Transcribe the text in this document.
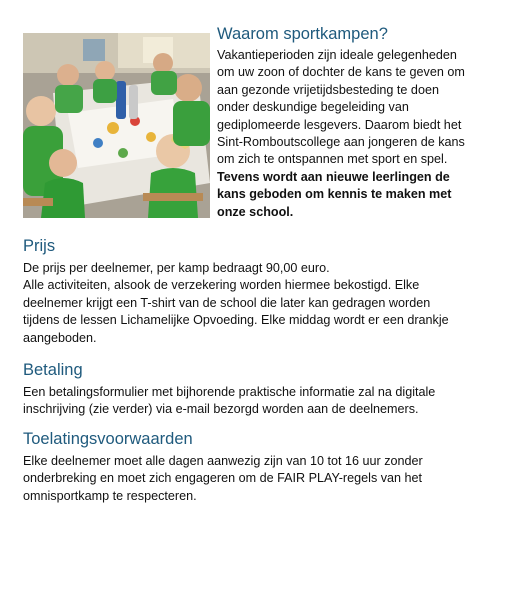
Waarom sportkampen?

Vakantieperioden zijn ideale gelegenheden
om uw zoon of dochter de kans te geven om
aan gezonde vrijetijdsbesteding te doen
onder deskundige begeleiding van
gediplomeerde lesgevers. Daarom biedt het
Sint-Romboutscollege aan jongeren de kans
om zich te ontspannen met sport en spel.
Tevens wordt aan nieuwe leerlingen de
kans geboden om kennis te maken met
onze school.

Prijs

De prijs per deelnemer, per kamp bedraagt 90,00 euro.
Alle activiteiten, alsook de verzekering worden hiermee bekostigd. Elke
deelnemer krijgt een T-shirt van de school die later kan gedragen worden
tijdens de lessen Lichamelijke Opvoeding. Elke middag wordt er een drankje
aangeboden.

Betaling

Een betalingsformulier met bijhorende praktische informatie zal na digitale
inschrijving (zie verder) via e-mail bezorgd worden aan de deelnemers.

Toelatingsvoorwaarden

Elke deelnemer moet alle dagen aanwezig zijn van 10 tot 16 uur zonder
onderbreking en moet zich engageren om de FAIR PLAY-regels van het
omnisportkamp te respecteren.
